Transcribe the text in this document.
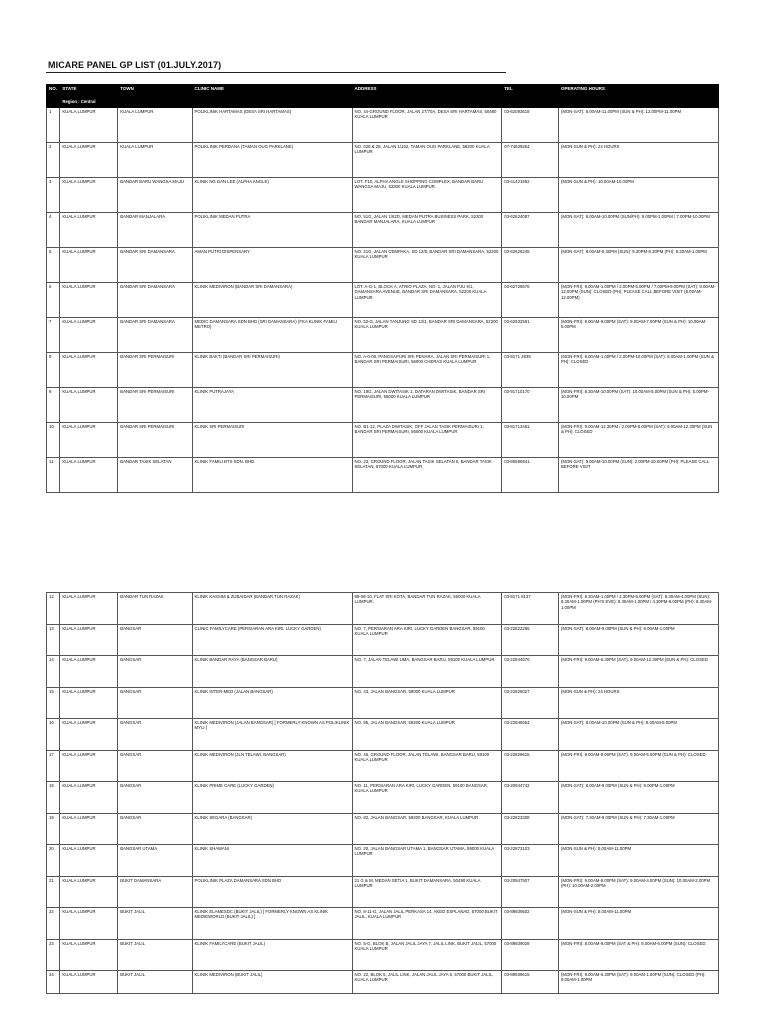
MICARE PANEL GP LIST (01.JULY.2017)
NO.	STATE	TOWN	CLINIC NAME	ADDRESS	TEL	OPERATING HOURS
	Region : Central					
1	KUALA LUMPUR	KUALA LUMPUR	POLIKLINIK HARTAMAS (DESA SRI HARTAMAS)	NO. 44-GROUND FLOOR, JALAN 27/70A, DESA SRI HARTAMAS, 50480 KUALA LUMPUR	03-62093618	(MON-SAT): 8.00AM-11.00PM (SUN & PH): 12.00PM-11.00PM
2	KUALA LUMPUR	KUALA LUMPUR	POLIKLINIK PERDANA (TAMAN OUG PARKLANE)	NO. 026 & 28, JALAN 1/152, TAMAN OUG PARKLANE, 58200 KUALA LUMPUR	07-74839264	(MON-SUN & PH): 24 HOURS
3	KUALA LUMPUR	BANDAR BARU WANGSA MAJU	KLINIK NG DAN LEE (ALPHA ANGLE)	LOT. F10, ALPHA ANGLE SHOPPING COMPLEX, BANDAR BARU WANGSA MAJU, 53300 KUALA LUMPUR.	03-41421592	(MON-SUN & PH): 10.00AM-10.00PM
4	KUALA LUMPUR	BANDAR MANJALARA	POLIKLINIK MEDAN PUTRA	NO. 51G, JALAN 1/62D, MEDAN PUTRA BUSINESS PARK, 52200 BANDAR MANJALARA, KUALA LUMPUR	03-62624087	(MON-SAT): 8.00AM-10.00PM (SUN/PH): 9.00PM-1.00PM / 7.00PM-10.00PM
5	KUALA LUMPUR	BANDAR SRI DAMANSARA	AMAN PUTRI DISPENSARY	NO. 21G, JALAN CEMPAKA, SD 12/5, BANDAR SRI DAMANSARA, 52200 KUALA LUMPUR	03-62626245	(MON-SAT): 8.00AM-5.30PM (SUN): 5.30PM-8.30PM (PH): 8.30AM-1.00PM
6	KUALA LUMPUR	BANDAR SRI DAMANSARA	KLINIK MEDIVIRON (BANDAR SRI DAMANSARA)	LOT. A-G-1, BLOCK A, ATRIO PLAZA, NO. 1, JALAN PJU 9/1, DAMANSARA AVENUE, BANDAR SRI DAMANSARA, 52200 KUALA LUMPUR	03-62729576	(MON-FRI): 9.00AM-1.00PM / 2.00PM-5.00PM / 7.00PM-9.00PM (SAT): 9.00AM-12.00PM (SUN): CLOSED (PH): PLEASE CALL BEFORE VISIT (9.00AM-12.00PM)
7	KUALA LUMPUR	BANDAR SRI DAMANSARA	MEDIC DAMANSARA SDN BHD (SRI DAMANSARA) (FKA KLINIK FAMILI METRO)	NO. 52-G, JALAN TANJUNG SD 13/1, BANDAR SRI DAMANSARA, 52200 KUALA LUMPUR	03-62632551	(MON-FRI): 8.00AM-9.00PM (SAT): 8.00AM-7.00PM (SUN & PH): 10.00AM-5.00PM
8	KUALA LUMPUR	BANDAR SRI PERMAISURI	KLINIK BAKTI (BANDAR SRI PERMAISURI)	NO. A-0-08, PANGSAPURI SRI PENARA, JALAN SRI PERMAISURI 1, BANDAR SRI PERMAISURI, 56000 CHERAS KUALA LUMPUR	03-9171 2838	(MON-FRI): 8.00AM-1.00PM / 2.00PM-10.00PM (SAT): 8.00AM-1.00PM (SUN & PH): CLOSED
9	KUALA LUMPUR	BANDAR SRI PERMAISURI	KLINIK PUTRAJAYA	NO. 19G, JALAN DWITASIK 1, DATARAN DWITASIK, BANDAR SRI PERMAISURI, 56000 KUALA LUMPUR	03-91710170	(MON-FRI): 8.30AM-10.00PM (SAT): 10.00AM-5.00PM (SUN & PH): 5.00PM-10.00PM
10	KUALA LUMPUR	BANDAR SRI PERMAISURI	KLINIK SRI PERMAISURI	NO. B1-12, PLAZA DWITASIK, OFF JALAN TASIK PERMAISURI 1, BANDAR SRI PERMAISURI, 56000 KUALA LUMPUR	03-91713461	(MON-FRI): 9.00AM-12.30PM / 2.00PM-6.00PM (SAT): 9.00AM-12.30PM (SUN & PH): CLOSED
11	KUALA LUMPUR	BANDAR TASIK SELATAN	KLINIK FAMILI BTS SDN. BHD.	NO. 23, GROUND FLOOR, JALAN TASIK SELATAN 6, BANDAR TASIK SELATAN, 57000 KUALA LUMPUR.	03-90596941	(MON-SAT): 9.00AM-10.00PM (SUN): 2.00PM-10.00PM (PH): PLEASE CALL BEFORE VISIT
12	KUALA LUMPUR	BANDAR TUN RAZAK	KLINIK KASSIM & ZUBAIDAR (BANDAR TUN RAZAK)	88-08-10, FLAT SRI KOTA, BANDAR TUN RAZAK, 56000 KUALA LUMPUR.	03-9171 8137	(MON-FRI): 8.30AM-1.00PM / 4.30PM-9.00PM (SAT): 8.30AM-4.00PM (SUN): 8.30AM-1.00PM (PH'S EVE): 8.30AM-1.00PM / 4.30PM-9.00PM (PH): 8.30AM-1.00PM
13	KUALA LUMPUR	BANGSAR	CLINIC FAMILYCARE (PERSIARAN ARA KIRI, LUCKY GARDEN)	NO. 7, PERSIARAN ARA KIRI, LUCKY GARDEN BANGSAR, 59100 KUALA LUMPUR	03-22822265	(MON-SAT): 8.00AM-9.00PM (SUN & PH): 9.00AM-1.00PM
14	KUALA LUMPUR	BANGSAR	KLINIK BANDAR RAYA (BANGSAR BARU)	NO. 7, JALAN TELAWI UMA, BANGSAR BARU, 59100 KUALA LUMPUR	03-22844676	(MON-FRI): 9.00AM-6.30PM (SAT): 9.00AM-12.30PM (SUN & PH): CLOSED
15	KUALA LUMPUR	BANGSAR	KLINIK INTER-MED (JALAN BANGSAR)	NO. 43, JALAN BANGSAR, 59000 KUALA LUMPUR	03-22826027	(MON-SUN & PH): 24 HOURS
16	KUALA LUMPUR	BANGSAR	KLINIK MEDIVIRON (JALAN BANGSAR) [ FORMERLY KNOWN AS POLIKLINIK MYLI ]	NO. 95, JALAN BANGSAR, 59200 KUALA LUMPUR	03-22846554	(MON-SAT): 8.00AM-10.00PM (SUN & PH): 9.00AM-5.00PM
17	KUALA LUMPUR	BANGSAR	KLINIK MEDIVIRON (JLN TELAWI, BANGSAR)	NO. 46, GROUND FLOOR, JALAN TELAWI, BANGSAR BARU, 59100 KUALA LUMPUR	03-22829615	(MON-FRI): 9.00AM-9.00PM (SAT): 9.00AM-5.00PM (SUN & PH): CLOSED
18	KUALA LUMPUR	BANGSAR	KLINIK PRIME CARE (LUCKY GARDEN)	NO. 11, PERSIARAN ARA KIRI, LUCKY GARDEN, 59100 BANGSAR, KUALA LUMPUR	03-20944742	(MON-SAT): 8.00AM-9.00PM (SUN & PH): 9.00PM-1.00PM
19	KUALA LUMPUR	BANGSAR	KLINIK SEGARA (BANGSAR)	NO. 82, JALAN BANGSAR, 59200 BANGSAR, KUALA LUMPUR	03-22823208	(MON-SAT): 7.30AM-9.00PM (SUN & PH): 7.30AM-1.00PM
20	KUALA LUMPUR	BANGSAR UTAMA	KLINIK SHAWANI	NO. 20, JALAN BANGSAR UTAMA 1, BANGSAR UTAMA, 59000 KUALA LUMPUR	03-22873103	(MON-SUN & PH): 8.00AM-11.00PM
21	KUALA LUMPUR	BUKIT DAMANSARA	POLIKLINIK PLAZA DAMANSARA SDN BHD	21 G & M, MEDAN SETIA 1, BUKIT DAMANSARA, 50490 KUALA LUMPUR	03-20947507	(MON-FRI): 9.00AM-9.00PM (SAT): 9.00AM-4.00PM (SUN): 10.00AM-2.00PM (PH): 10.00AM-2.00PM
22	KUALA LUMPUR	BUKIT JALIL	KLINIK ELAMESDC (BUKIT JALIL) [ FORMERLY KNOWN AS KLINIK MEDIEWORLD (BUKIT JALIL) ]	NO. 8-11-G, JALAN JALIL PERKASA 14, AKED ESPLANAD, 57000 BUKIT JALIL, KUALA LUMPUR	03-89939502	(MON-SUN & PH): 8.00AM-11.00PM
23	KUALA LUMPUR	BUKIT JALIL	KLINIK FAMILYCARE (BUKIT JALIL)	NO. 5-G, BLOK B, JALAN JALIL JAYA 7, JALIL LINK, BUKIT JALIL, 57000 KUALA LUMPUR	03-89939028	(MON-FRI): 8.00AM-9.00PM (SAT & PH): 8.00AM-6.00PM (SUN): CLOSED
24	KUALA LUMPUR	BUKIT JALIL	KLINIK MEDIVIRON (BUKIT JALIL)	NO. 22, BLOK 5, JALIL LINK, JALAN JALIL JAYA 6, 57000 BUKIT JALIL, KUALA LUMPUR	03-89939615	(MON-FRI): 9.00AM-6.30PM (SAT): 9.00AM-1.00PM (SUN): CLOSED (PH): 9.00AM-1.00PM
